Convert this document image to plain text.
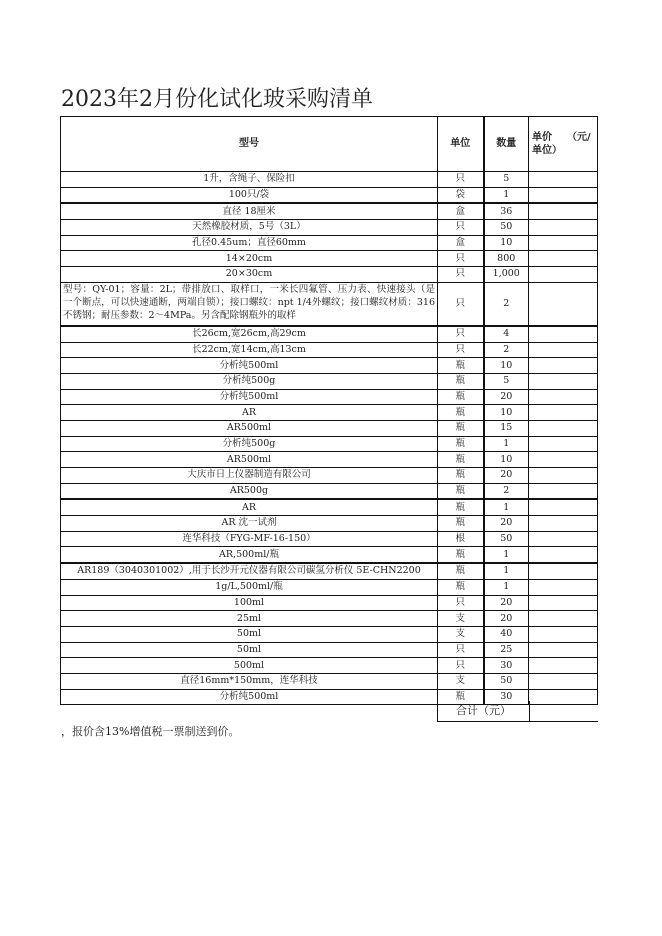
2023年2月份化试化玻采购清单
型号	单位	数量	单价　　（元/单位）
1升，含绳子、保险扣	只	5	
100只/袋	袋	1	
直径 18厘米	盒	36	
天然橡胶材质，5号（3L）	只	50	
孔径0.45um；直径60mm	盒	10	
14×20cm	只	800	
20×30cm	只	1,000	

型号：QY-01；容量：2L；带排放口、取样口，一米长四氟管、压力表、快速接头（是一个断点，可以快速通断，两端自锁）；接口螺纹：npt 1/4外螺纹；接口螺纹材质：316不锈钢；耐压参数：2～4MPa。另含配除钢瓶外的取样	只	2	
长26cm,宽26cm,高29cm	只	4	
长22cm,宽14cm,高13cm	只	2	
分析纯500ml	瓶	10	
分析纯500g	瓶	5	
分析纯500ml	瓶	20	
AR	瓶	10	
AR500ml	瓶	15	
分析纯500g	瓶	1	
AR500ml	瓶	10	
大庆市日上仪器制造有限公司	瓶	20	
AR500g	瓶	2	
AR	瓶	1	
AR 沈一试剂	瓶	20	
连华科技（FYG-MF-16-150）	根	50	
AR,500ml/瓶	瓶	1	
AR189（3040301002）,用于长沙开元仪器有限公司碳氢分析仪 5E-CHN2200	瓶	1	
1g/L,500ml/瓶	瓶	1	
100ml	只	20	
25ml	支	20	
50ml	支	40	
50ml	只	25	
500ml	只	30	
直径16mm*150mm，连华科技	支	50	
分析纯500ml	瓶	30	
合计（元）
，报价含13%增值税一票制送到价。
